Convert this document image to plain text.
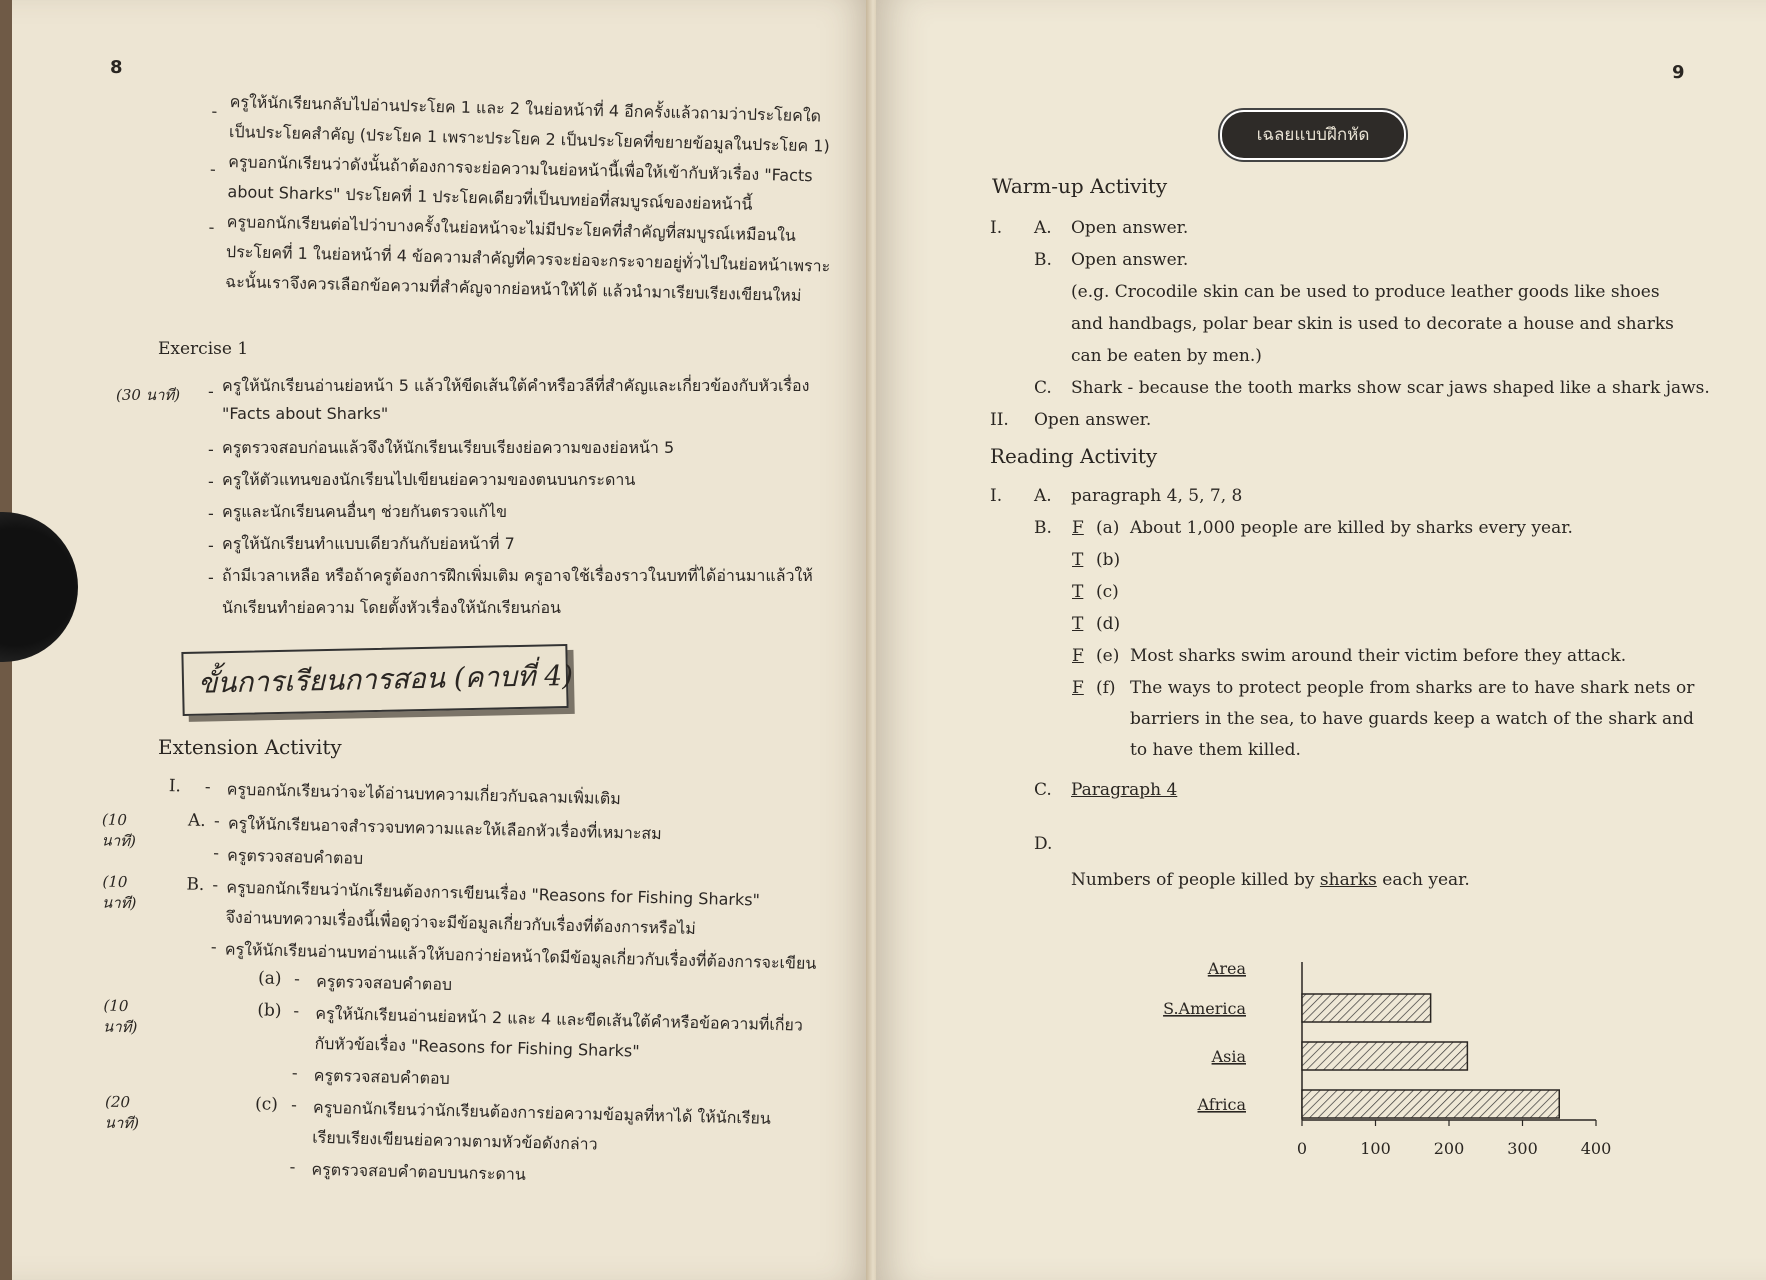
8
- ครูให้นักเรียนกลับไปอ่านประโยค 1 และ 2 ในย่อหน้าที่ 4 อีกครั้งแล้วถามว่าประโยคใด
เป็นประโยคสำคัญ (ประโยค 1 เพราะประโยค 2 เป็นประโยคที่ขยายข้อมูลในประโยค 1)
- ครูบอกนักเรียนว่าดังนั้นถ้าต้องการจะย่อความในย่อหน้านี้เพื่อให้เข้ากับหัวเรื่อง "Facts
about Sharks" ประโยคที่ 1 ประโยคเดียวที่เป็นบทย่อที่สมบูรณ์ของย่อหน้านี้
- ครูบอกนักเรียนต่อไปว่าบางครั้งในย่อหน้าจะไม่มีประโยคที่สำคัญที่สมบูรณ์เหมือนใน
ประโยคที่ 1 ในย่อหน้าที่ 4 ข้อความสำคัญที่ควรจะย่อจะกระจายอยู่ทั่วไปในย่อหน้าเพราะ
ฉะนั้นเราจึงควรเลือกข้อความที่สำคัญจากย่อหน้าให้ได้ แล้วนำมาเรียบเรียงเขียนใหม่
Exercise 1
(30 นาที) - ครูให้นักเรียนอ่านย่อหน้า 5 แล้วให้ขีดเส้นใต้คำหรือวลีที่สำคัญและเกี่ยวข้องกับหัวเรื่อง
"Facts about Sharks"
- ครูตรวจสอบก่อนแล้วจึงให้นักเรียนเรียบเรียงย่อความของย่อหน้า 5
- ครูให้ตัวแทนของนักเรียนไปเขียนย่อความของตนบนกระดาน
- ครูและนักเรียนคนอื่นๆ ช่วยกันตรวจแก้ไข
- ครูให้นักเรียนทำแบบเดียวกันกับย่อหน้าที่ 7
- ถ้ามีเวลาเหลือ หรือถ้าครูต้องการฝึกเพิ่มเติม ครูอาจใช้เรื่องราวในบทที่ได้อ่านมาแล้วให้
นักเรียนทำย่อความ โดยตั้งหัวเรื่องให้นักเรียนก่อน
ขั้นการเรียนการสอน (คาบที่ 4)
Extension Activity
I. - ครูบอกนักเรียนว่าจะได้อ่านบทความเกี่ยวกับฉลามเพิ่มเติม
(10 นาที)
A. - ครูให้นักเรียนอาจสำรวจบทความและให้เลือกหัวเรื่องที่เหมาะสม
- ครูตรวจสอบคำตอบ
(10 นาที)
B. - ครูบอกนักเรียนว่านักเรียนต้องการเขียนเรื่อง "Reasons for Fishing Sharks"
จึงอ่านบทความเรื่องนี้เพื่อดูว่าจะมีข้อมูลเกี่ยวกับเรื่องที่ต้องการหรือไม่
- ครูให้นักเรียนอ่านบทอ่านแล้วให้บอกว่าย่อหน้าใดมีข้อมูลเกี่ยวกับเรื่องที่ต้องการจะเขียน
(a) - ครูตรวจสอบคำตอบ
(10 นาที)
(b) - ครูให้นักเรียนอ่านย่อหน้า 2 และ 4 และขีดเส้นใต้คำหรือข้อความที่เกี่ยว
กับหัวข้อเรื่อง "Reasons for Fishing Sharks"
- ครูตรวจสอบคำตอบ
(20 นาที)
(c) - ครูบอกนักเรียนว่านักเรียนต้องการย่อความข้อมูลที่หาได้ ให้นักเรียน
เรียบเรียงเขียนย่อความตามหัวข้อดังกล่าว
- ครูตรวจสอบคำตอบบนกระดาน
9
เฉลยแบบฝึกหัด
Warm-up Activity
I. A. Open answer.
B. Open answer.
(e.g. Crocodile skin can be used to produce leather goods like shoes
and handbags, polar bear skin is used to decorate a house and sharks
can be eaten by men.)
C. Shark - because the tooth marks show scar jaws shaped like a shark jaws.
II. Open answer.
Reading Activity
I. A. paragraph 4, 5, 7, 8
B. F (a) About 1,000 people are killed by sharks every year.
T (b)
T (c)
T (d)
F (e) Most sharks swim around their victim before they attack.
F (f) The ways to protect people from sharks are to have shark nets or
barriers in the sea, to have guards keep a watch of the shark and
to have them killed.
C. Paragraph 4
D.
Numbers of people killed by sharks each year.
Area
S.America
Asia
Africa
0	100	200	300	400
